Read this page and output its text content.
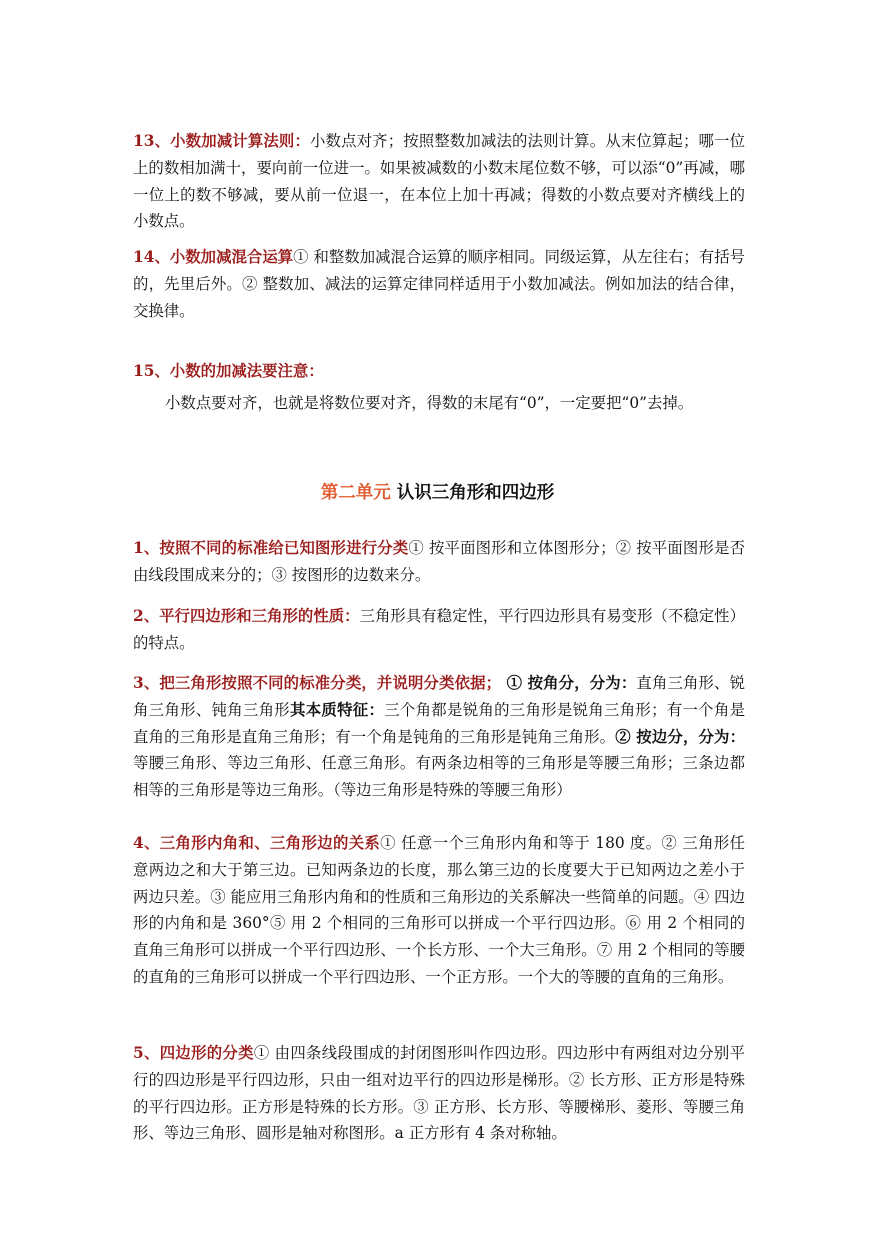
13、小数加减计算法则：小数点对齐；按照整数加减法的法则计算。从末位算起；哪一位上的数相加满十，要向前一位进一。如果被减数的小数末尾位数不够，可以添“0”再减，哪一位上的数不够减，要从前一位退一，在本位上加十再减；得数的小数点要对齐横线上的小数点。

14、小数加减混合运算① 和整数加减混合运算的顺序相同。同级运算，从左往右；有括号的，先里后外。② 整数加、减法的运算定律同样适用于小数加减法。例如加法的结合律，交换律。

15、小数的加减法要注意：

小数点要对齐，也就是将数位要对齐，得数的末尾有“0”，一定要把“0”去掉。

第二单元 认识三角形和四边形

1、按照不同的标准给已知图形进行分类① 按平面图形和立体图形分；② 按平面图形是否由线段围成来分的；③ 按图形的边数来分。

2、平行四边形和三角形的性质：三角形具有稳定性，平行四边形具有易变形（不稳定性）的特点。

3、把三角形按照不同的标准分类，并说明分类依据； ① 按角分，分为：直角三角形、锐角三角形、钝角三角形其本质特征：三个角都是锐角的三角形是锐角三角形；有一个角是直角的三角形是直角三角形；有一个角是钝角的三角形是钝角三角形。② 按边分，分为：等腰三角形、等边三角形、任意三角形。有两条边相等的三角形是等腰三角形；三条边都相等的三角形是等边三角形。（等边三角形是特殊的等腰三角形）

4、三角形内角和、三角形边的关系① 任意一个三角形内角和等于 180 度。② 三角形任意两边之和大于第三边。已知两条边的长度，那么第三边的长度要大于已知两边之差小于两边只差。③ 能应用三角形内角和的性质和三角形边的关系解决一些简单的问题。④ 四边形的内角和是 360°⑤ 用 2 个相同的三角形可以拼成一个平行四边形。⑥ 用 2 个相同的直角三角形可以拼成一个平行四边形、一个长方形、一个大三角形。⑦ 用 2 个相同的等腰的直角的三角形可以拼成一个平行四边形、一个正方形。一个大的等腰的直角的三角形。

5、四边形的分类① 由四条线段围成的封闭图形叫作四边形。四边形中有两组对边分别平行的四边形是平行四边形，只由一组对边平行的四边形是梯形。② 长方形、正方形是特殊的平行四边形。正方形是特殊的长方形。③ 正方形、长方形、等腰梯形、菱形、等腰三角形、等边三角形、圆形是轴对称图形。a 正方形有 4 条对称轴。
